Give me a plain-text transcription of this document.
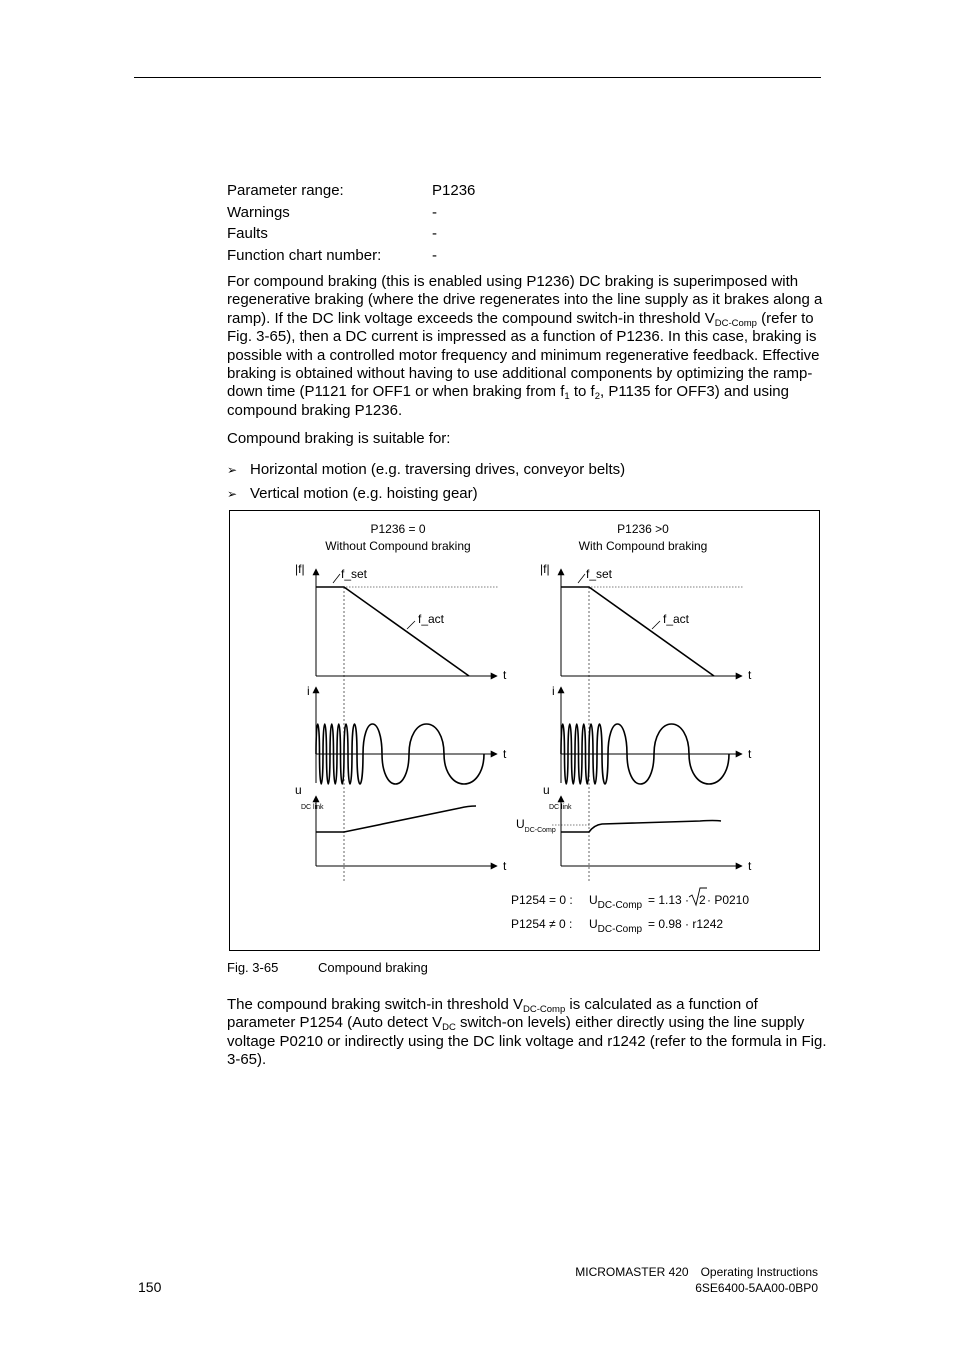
Parameter range:	P1236
Warnings	-
Faults	-
Function chart number:	-

For compound braking (this is enabled using P1236) DC braking is superimposed with regenerative braking (where the drive regenerates into the line supply as it brakes along a ramp). If the DC link voltage exceeds the compound switch-in threshold $V_{DC-Comp}$ (refer to Fig. 3-65), then a DC current is impressed as a function of P1236. In this case, braking is possible with a controlled motor frequency and minimum regenerative feedback. Effective braking is obtained without having to use additional components by optimizing the ramp-down time (P1121 for OFF1 or when braking from $f_1$ to $f_2$, P1135 for OFF3) and using compound braking P1236.

Compound braking is suitable for:

➢ Horizontal motion (e.g. traversing drives, conveyor belts)
➢ Vertical motion (e.g. hoisting gear)
P1236 = 0
Without Compound braking
P1236 >0
With Compound braking
|f|	f_set
f_act
t
i
t
u
DC link
t
|f|	f_set
f_act
t
i
t
u
DC link
$U_{DC-Comp}$
t
P1254 = 0 : $U_{DC-Comp} = 1.13 \cdot 2 \cdot P0210$
P1254 ≠ 0 : $U_{DC-Comp} = 0.98 \cdot r1242$
Fig. 3-65	Compound braking

The compound braking switch-in threshold $V_{DC-Comp}$ is calculated as a function of parameter P1254 (Auto detect $V_{DC}$ switch-on levels) either directly using the line supply voltage P0210 or indirectly using the DC link voltage and r1242 (refer to the formula in Fig. 3-65).

150
MICROMASTER 420 Operating Instructions
6SE6400-5AA00-0BP0
